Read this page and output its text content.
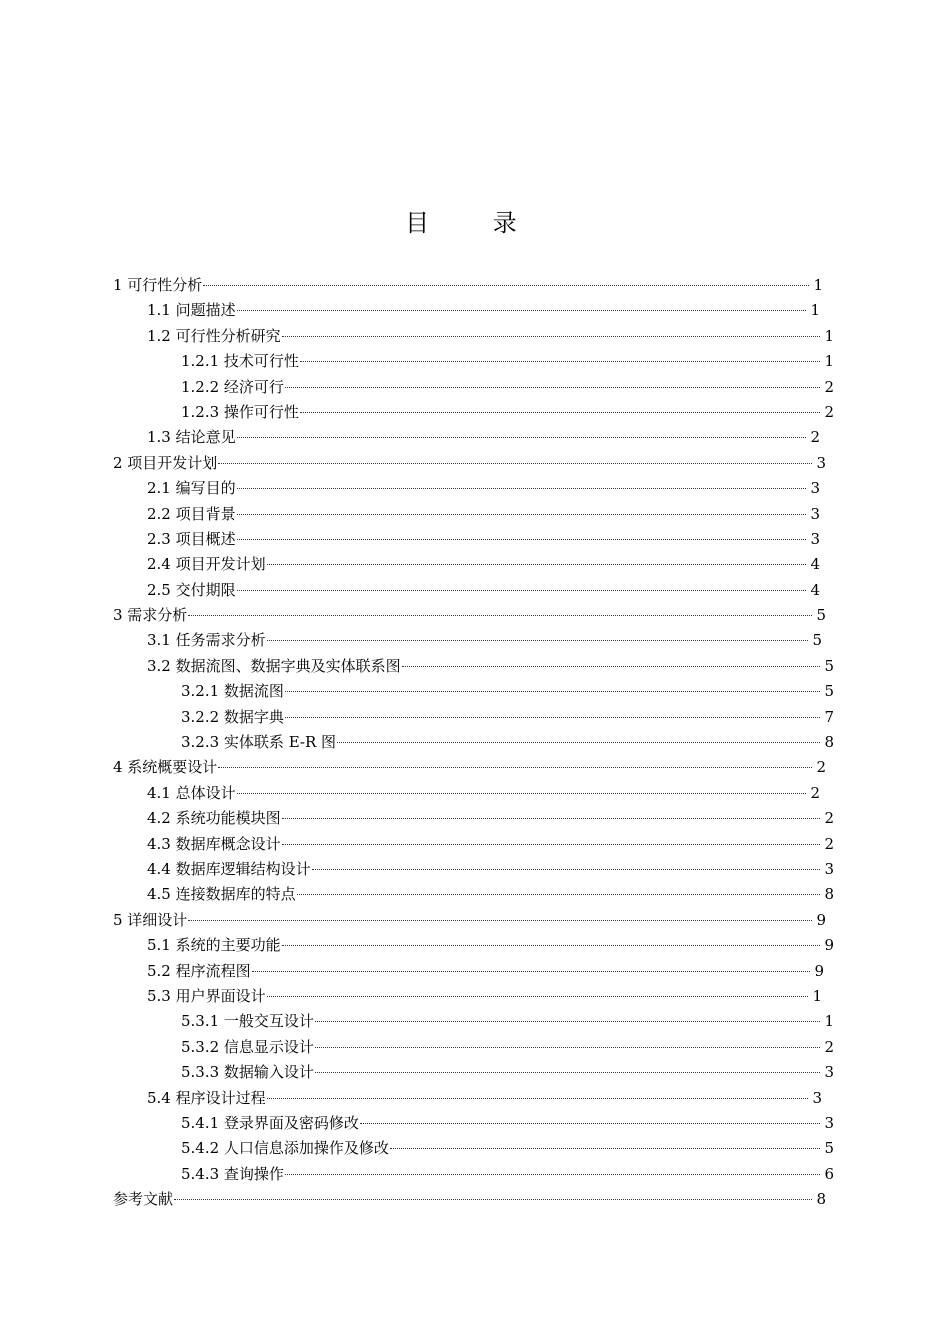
目 录
1 可行性分析	1
1.1 问题描述	1
1.2 可行性分析研究	1
1.2.1 技术可行性	1
1.2.2 经济可行	2
1.2.3 操作可行性	2
1.3 结论意见	2
2 项目开发计划	3
2.1 编写目的	3
2.2 项目背景	3
2.3 项目概述	3
2.4 项目开发计划	4
2.5 交付期限	4
3 需求分析	5
3.1 任务需求分析	5
3.2 数据流图、数据字典及实体联系图	5
3.2.1 数据流图	5
3.2.2 数据字典	7
3.2.3 实体联系 E-R 图	8
4 系统概要设计	2
4.1 总体设计	2
4.2 系统功能模块图	2
4.3 数据库概念设计	2
4.4 数据库逻辑结构设计	3
4.5 连接数据库的特点	8
5 详细设计	9
5.1 系统的主要功能	9
5.2 程序流程图	9
5.3 用户界面设计	1
5.3.1 一般交互设计	1
5.3.2 信息显示设计	2
5.3.3 数据输入设计	3
5.4 程序设计过程	3
5.4.1 登录界面及密码修改	3
5.4.2 人口信息添加操作及修改	5
5.4.3 查询操作	6
参考文献	8
